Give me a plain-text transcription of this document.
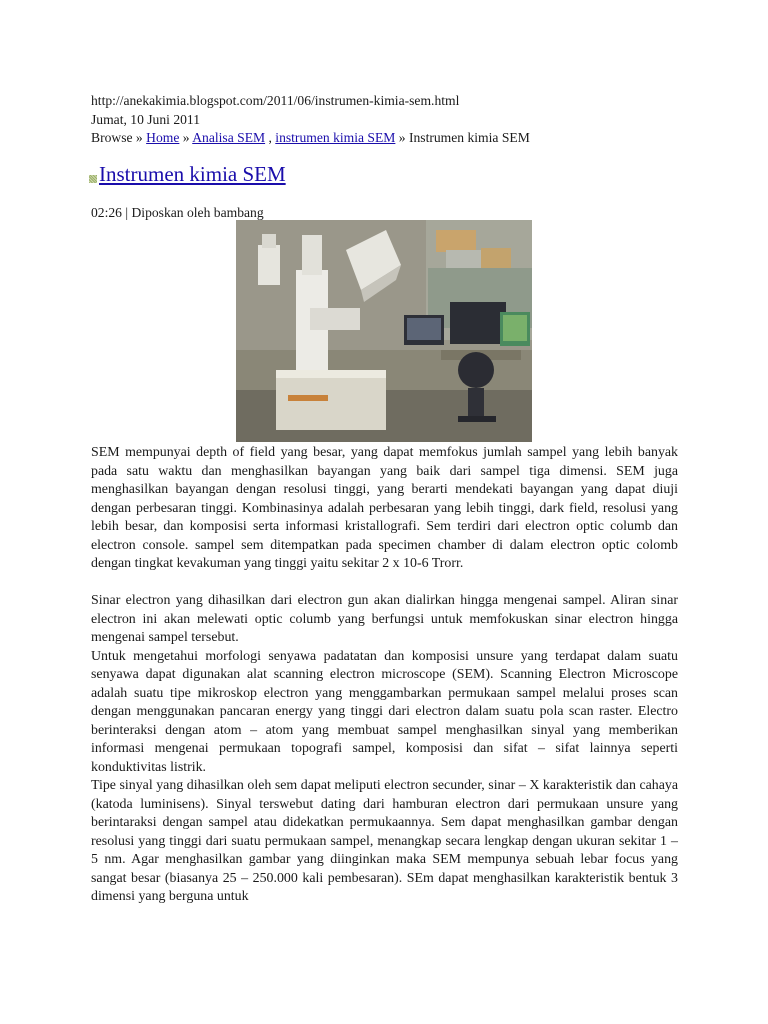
http://anekakimia.blogspot.com/2011/06/instrumen-kimia-sem.html
Jumat, 10 Juni 2011
Browse » Home » Analisa SEM , instrumen kimia SEM » Instrumen kimia SEM
Instrumen kimia SEM
02:26 | Diposkan oleh bambang

SEM mempunyai depth of field yang besar, yang dapat memfokus jumlah sampel yang lebih banyak pada satu waktu dan menghasilkan bayangan yang baik dari sampel tiga dimensi. SEM juga menghasilkan bayangan dengan resolusi tinggi, yang berarti mendekati bayangan yang dapat diuji dengan perbesaran tinggi. Kombinasinya adalah perbesaran yang lebih tinggi, dark field, resolusi yang lebih besar, dan komposisi serta informasi kristallografi. Sem terdiri dari electron optic columb dan electron console. sampel sem ditempatkan pada specimen chamber di dalam electron optic colomb dengan tingkat kevakuman yang tinggi yaitu sekitar 2 x 10-6 Trorr.

Sinar electron yang dihasilkan dari electron gun akan dialirkan hingga mengenai sampel. Aliran sinar electron ini akan melewati optic columb yang berfungsi untuk memfokuskan sinar electron hingga mengenai sampel tersebut.

Untuk mengetahui morfologi senyawa padatatan dan komposisi unsure yang terdapat dalam suatu senyawa dapat digunakan alat scanning electron microscope (SEM). Scanning Electron Microscope adalah suatu tipe mikroskop electron yang menggambarkan permukaan sampel melalui proses scan dengan menggunakan pancaran energy yang tinggi dari electron dalam suatu pola scan raster. Electro berinteraksi dengan atom – atom yang membuat sampel menghasilkan sinyal yang memberikan informasi mengenai permukaan topografi sampel, komposisi dan sifat – sifat lainnya seperti konduktivitas listrik.

Tipe sinyal yang dihasilkan oleh sem dapat meliputi electron secunder, sinar – X karakteristik dan cahaya (katoda luminisens). Sinyal terswebut dating dari hamburan electron dari permukaan unsure yang berintaraksi dengan sampel atau didekatkan permukaannya. Sem dapat menghasilkan gambar dengan resolusi yang tinggi dari suatu permukaan sampel, menangkap secara lengkap dengan ukuran sekitar 1 – 5 nm. Agar menghasilkan gambar yang diinginkan maka SEM mempunya sebuah lebar focus yang sangat besar (biasanya 25 – 250.000 kali pembesaran). SEm dapat menghasilkan karakteristik bentuk 3 dimensi yang berguna untuk
